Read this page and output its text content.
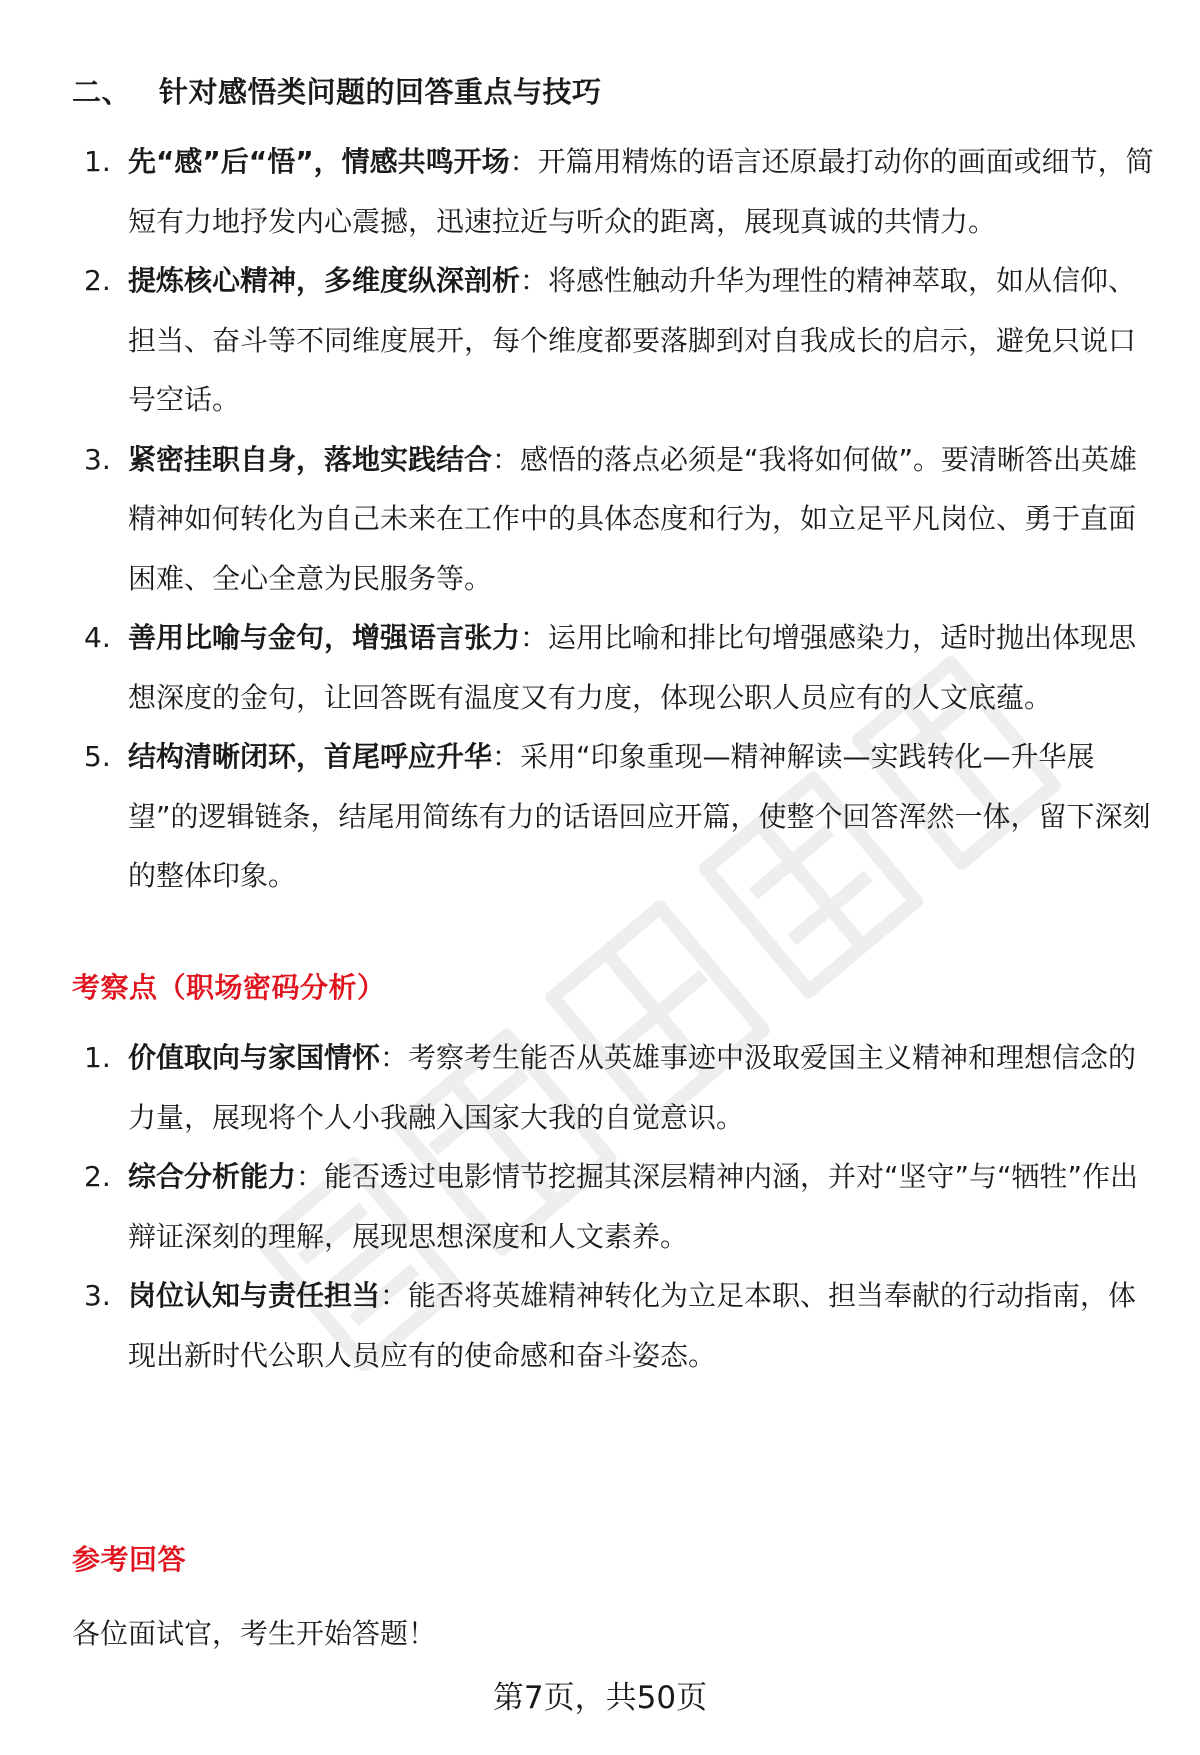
二、 针对感悟类问题的回答重点与技巧
1. 先“感”后“悟”，情感共鸣开场：开篇用精炼的语言还原最打动你的画面或细节，简短有力地抒发内心震撼，迅速拉近与听众的距离，展现真诚的共情力。
2. 提炼核心精神，多维度纵深剖析：将感性触动升华为理性的精神萃取，如从信仰、担当、奋斗等不同维度展开，每个维度都要落脚到对自我成长的启示，避免只说口号空话。
3. 紧密挂职自身，落地实践结合：感悟的落点必须是“我将如何做”。要清晰答出英雄精神如何转化为自己未来在工作中的具体态度和行为，如立足平凡岗位、勇于直面困难、全心全意为民服务等。
4. 善用比喻与金句，增强语言张力：运用比喻和排比句增强感染力，适时抛出体现思想深度的金句，让回答既有温度又有力度，体现公职人员应有的人文底蕴。
5. 结构清晰闭环，首尾呼应升华：采用“印象重现—精神解读—实践转化—升华展望”的逻辑链条，结尾用简练有力的话语回应开篇，使整个回答浑然一体，留下深刻的整体印象。
考察点（职场密码分析）
1. 价值取向与家国情怀：考察考生能否从英雄事迹中汲取爱国主义精神和理想信念的力量，展现将个人小我融入国家大我的自觉意识。
2. 综合分析能力：能否透过电影情节挖掘其深层精神内涵，并对“坚守”与“牺牲”作出辩证深刻的理解，展现思想深度和人文素养。
3. 岗位认知与责任担当：能否将英雄精神转化为立足本职、担当奉献的行动指南，体现出新时代公职人员应有的使命感和奋斗姿态。
参考回答
各位面试官，考生开始答题！
第7页，共50页
